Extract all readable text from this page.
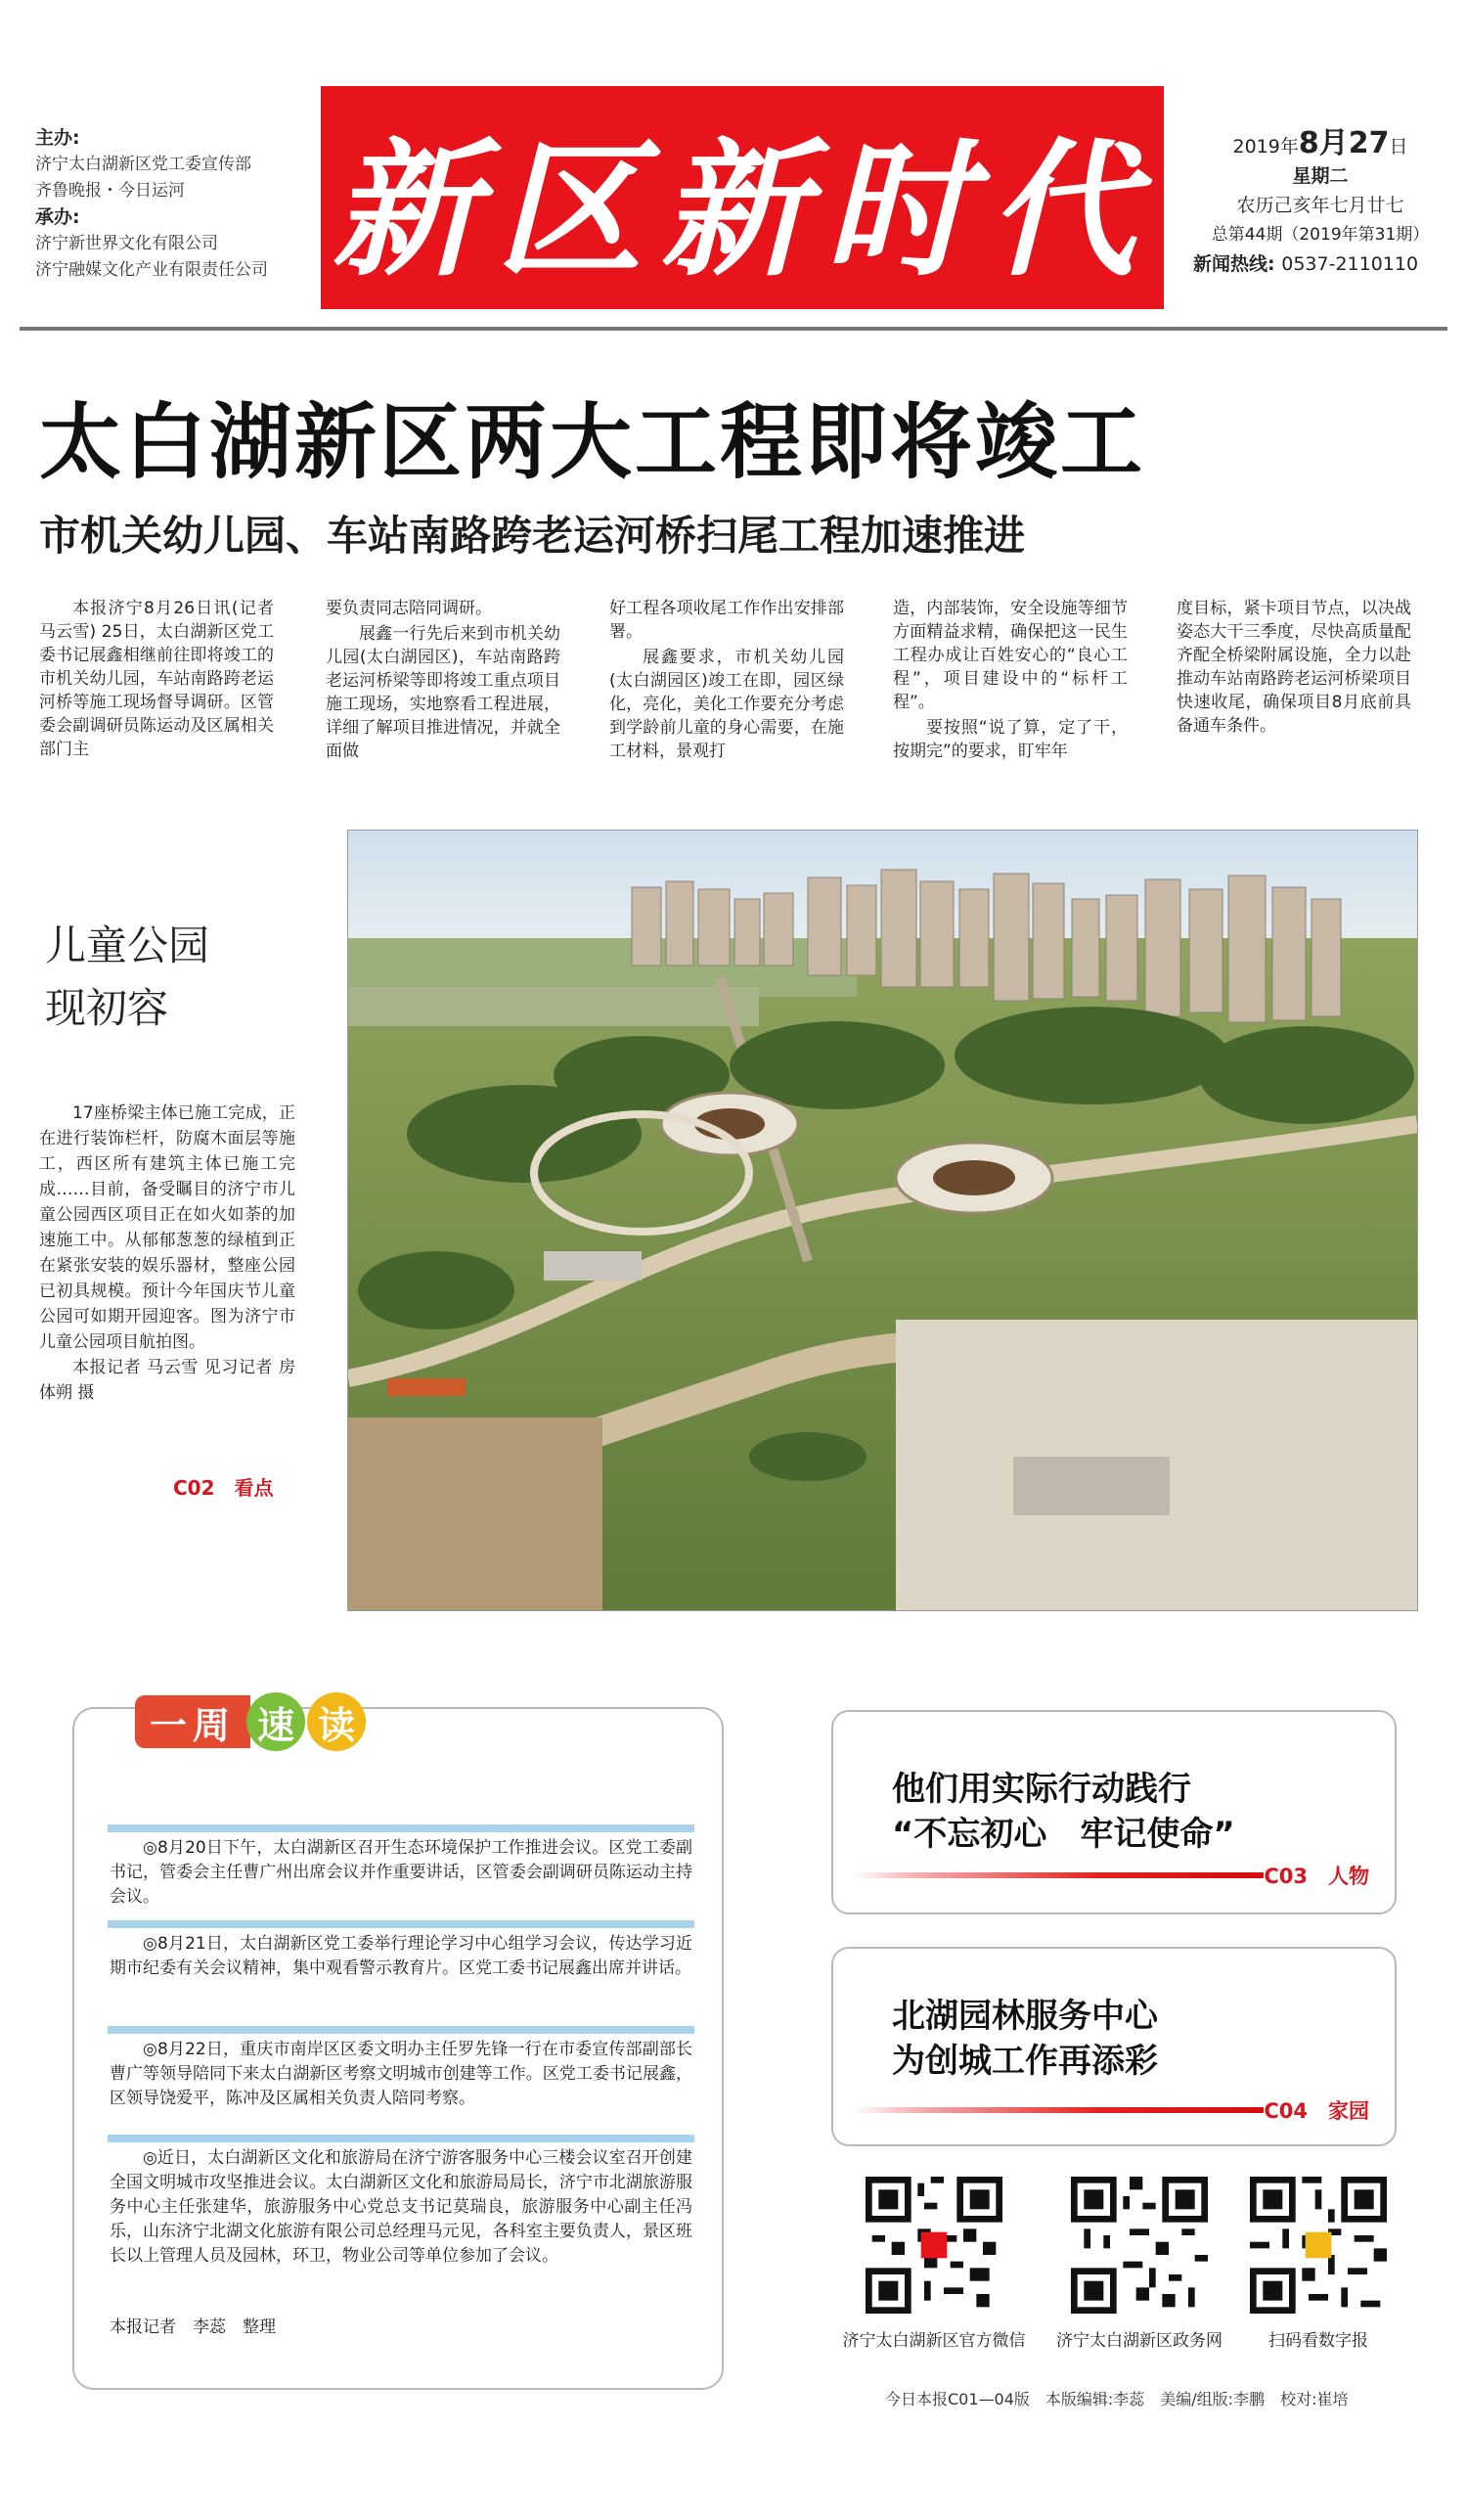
主办:
济宁太白湖新区党工委宣传部
齐鲁晚报・今日运河
承办:
济宁新世界文化有限公司
济宁融媒文化产业有限责任公司 新区新时代	2019年8月27日
星期二
农历己亥年七月廿七
总第44期（2019年第31期）
新闻热线: 0537-2110110
太白湖新区两大工程即将竣工
市机关幼儿园、车站南路跨老运河桥扫尾工程加速推进

本报济宁8月26日讯(记者 马云雪) 25日，太白湖新区党工委书记展鑫相继前往即将竣工的市机关幼儿园，车站南路跨老运河桥等施工现场督导调研。区管委会副调研员陈运动及区属相关部门主

要负责同志陪同调研。

展鑫一行先后来到市机关幼儿园(太白湖园区)，车站南路跨老运河桥梁等即将竣工重点项目施工现场，实地察看工程进展，详细了解项目推进情况，并就全面做

好工程各项收尾工作作出安排部署。

展鑫要求，市机关幼儿园(太白湖园区)竣工在即，园区绿化，亮化，美化工作要充分考虑到学龄前儿童的身心需要，在施工材料，景观打

造，内部装饰，安全设施等细节方面精益求精，确保把这一民生工程办成让百姓安心的“良心工程”，项目建设中的“标杆工程”。

要按照“说了算，定了干，按期完”的要求，盯牢年

度目标，紧卡项目节点，以决战姿态大干三季度，尽快高质量配齐配全桥梁附属设施，全力以赴推动车站南路跨老运河桥梁项目快速收尾，确保项目8月底前具备通车条件。

儿童公园
现初容

17座桥梁主体已施工完成，正在进行装饰栏杆，防腐木面层等施工，西区所有建筑主体已施工完成……目前，备受瞩目的济宁市儿童公园西区项目正在如火如荼的加速施工中。从郁郁葱葱的绿植到正在紧张安装的娱乐器材，整座公园已初具规模。预计今年国庆节儿童公园可如期开园迎客。图为济宁市儿童公园项目航拍图。

本报记者 马云雪 见习记者 房体朔 摄

C02　看点
一周 速 读

◎8月20日下午，太白湖新区召开生态环境保护工作推进会议。区党工委副书记，管委会主任曹广州出席会议并作重要讲话，区管委会副调研员陈运动主持会议。

◎8月21日，太白湖新区党工委举行理论学习中心组学习会议，传达学习近期市纪委有关会议精神，集中观看警示教育片。区党工委书记展鑫出席并讲话。

◎8月22日，重庆市南岸区区委文明办主任罗先锋一行在市委宣传部副部长曹广等领导陪同下来太白湖新区考察文明城市创建等工作。区党工委书记展鑫，区领导饶爱平，陈冲及区属相关负责人陪同考察。

◎近日，太白湖新区文化和旅游局在济宁游客服务中心三楼会议室召开创建全国文明城市攻坚推进会议。太白湖新区文化和旅游局局长，济宁市北湖旅游服务中心主任张建华，旅游服务中心党总支书记莫瑞良，旅游服务中心副主任冯乐，山东济宁北湖文化旅游有限公司总经理马元见，各科室主要负责人，景区班长以上管理人员及园林，环卫，物业公司等单位参加了会议。

本报记者　李蕊　整理
他们用实际行动践行
“不忘初心　牢记使命”
C03　人物
北湖园林服务中心
为创城工作再添彩
C04　家园
济宁太白湖新区官方微信	济宁太白湖新区政务网	扫码看数字报
今日本报C01—04版　本版编辑:李蕊　美编/组版:李鹏　校对:崔培
